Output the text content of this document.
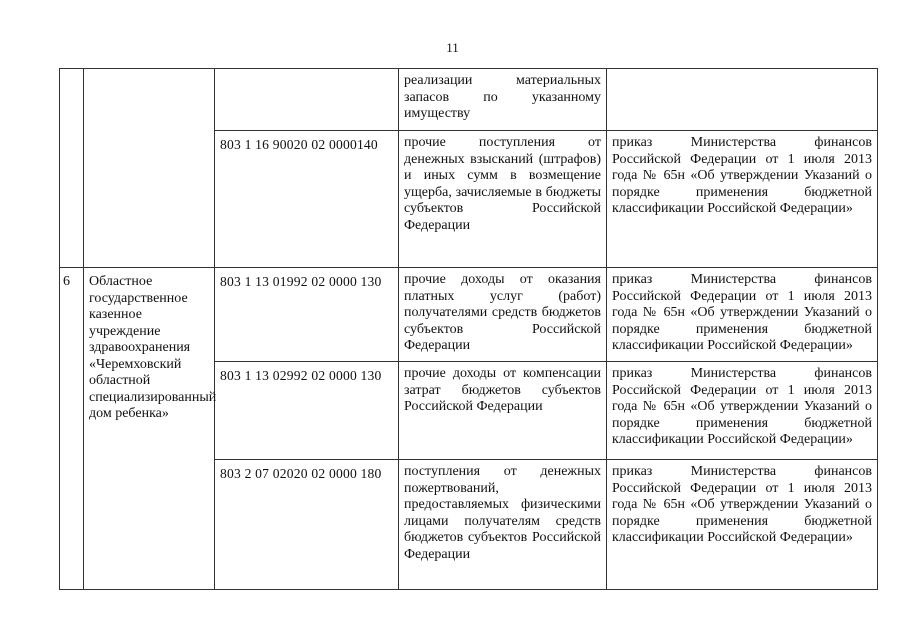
11
			реализации материальных запасов по указанному имуществу	
		803 1 16 90020 02 0000140	прочие поступления от денежных взысканий (штрафов) и иных сумм в возмещение ущерба, зачисляемые в бюджеты субъектов Российской Федерации	приказ Министерства финансов Российской Федерации от 1 июля 2013 года № 65н «Об утверждении Указаний о порядке применения бюджетной классификации Российской Федерации»
6	Областное государственное казенное учреждение здравоохранения «Черемховский областной специализированный дом ребенка»	803 1 13 01992 02 0000 130	прочие доходы от оказания платных услуг (работ) получателями средств бюджетов субъектов Российской Федерации	приказ Министерства финансов Российской Федерации от 1 июля 2013 года № 65н «Об утверждении Указаний о порядке применения бюджетной классификации Российской Федерации»
		803 1 13 02992 02 0000 130	прочие доходы от компенсации затрат бюджетов субъектов Российской Федерации	приказ Министерства финансов Российской Федерации от 1 июля 2013 года № 65н «Об утверждении Указаний о порядке применения бюджетной классификации Российской Федерации»
		803 2 07 02020 02 0000 180	поступления от денежных пожертвований, предоставляемых физическими лицами получателям средств бюджетов субъектов Российской Федерации	приказ Министерства финансов Российской Федерации от 1 июля 2013 года № 65н «Об утверждении Указаний о порядке применения бюджетной классификации Российской Федерации»
